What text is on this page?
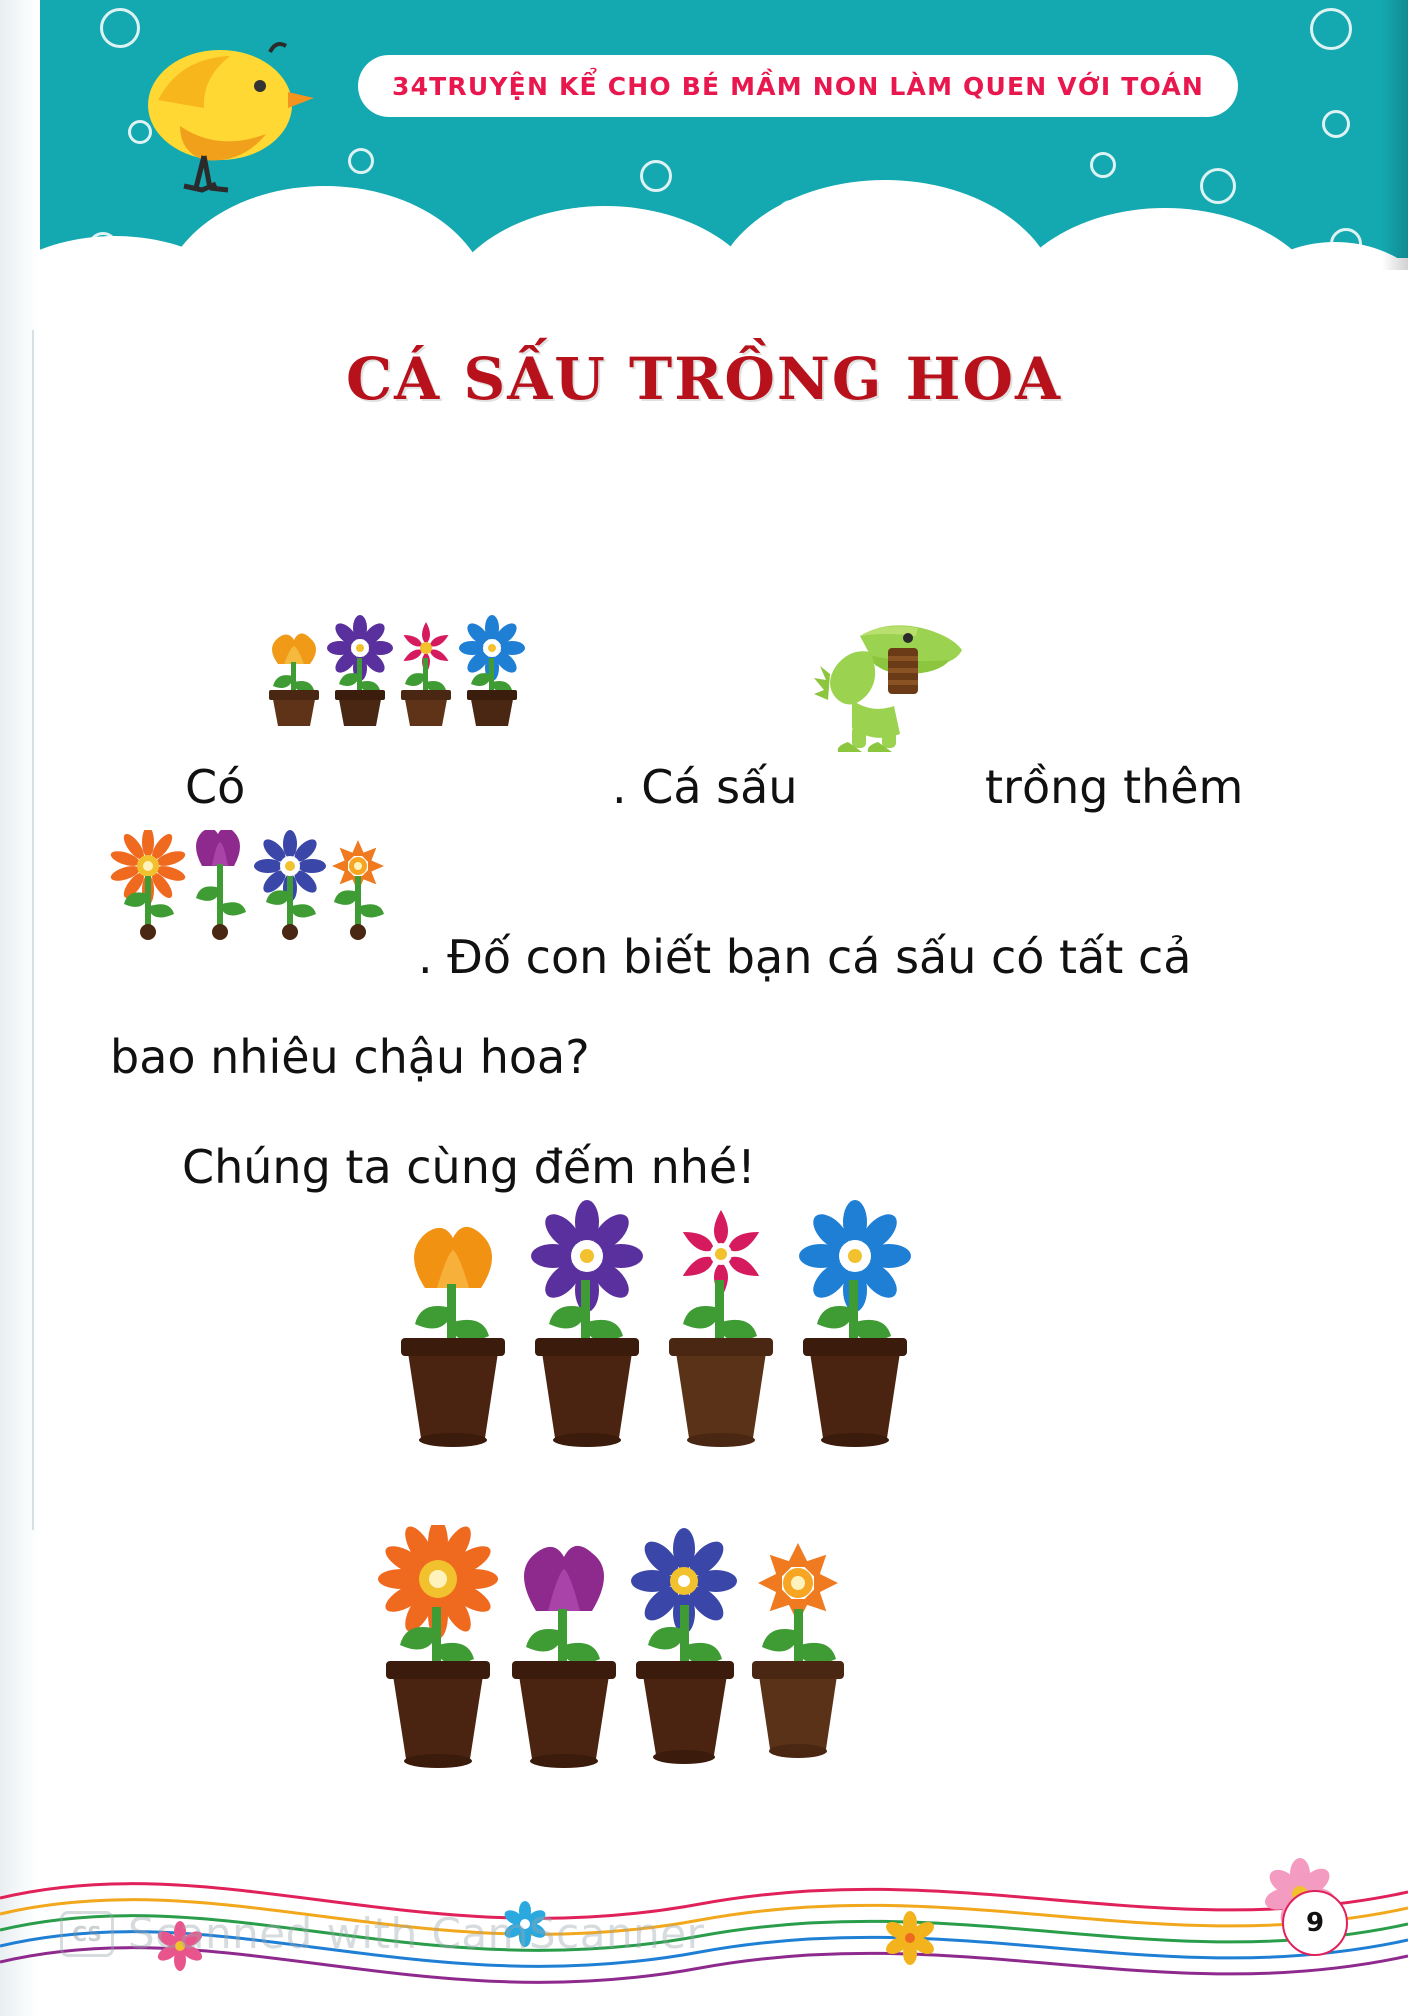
34TRUYỆN KỂ CHO BÉ MẦM NON LÀM QUEN VỚI TOÁN
CÁ SẤU TRỒNG HOA
Có	. Cá sấu	trồng thêm
. Đố con biết bạn cá sấu có tất cả
bao nhiêu chậu hoa?
Chúng ta cùng đếm nhé!
9
CS Scanned with CamScanner
